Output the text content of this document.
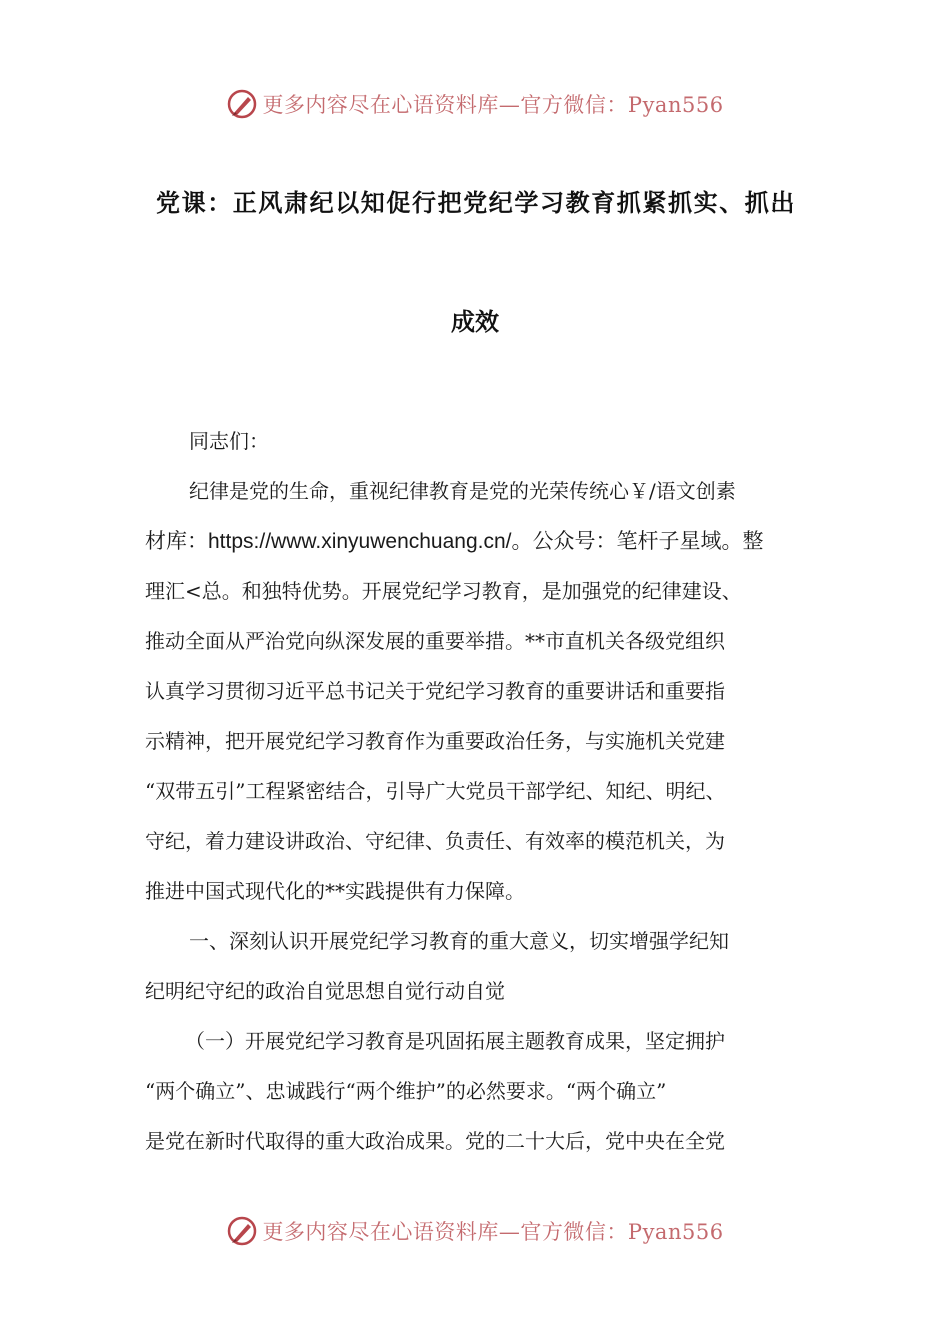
更多内容尽在心语资料库—官方微信：Pyan556
党课：正风肃纪以知促行把党纪学习教育抓紧抓实、抓出
成效
同志们：
纪律是党的生命，重视纪律教育是党的光荣传统心￥/语文创素
材库：https://www.xinyuwenchuang.cn/。公众号：笔杆子星域。整
理汇<总。和独特优势。开展党纪学习教育，是加强党的纪律建设、
推动全面从严治党向纵深发展的重要举措。**市直机关各级党组织
认真学习贯彻习近平总书记关于党纪学习教育的重要讲话和重要指
示精神，把开展党纪学习教育作为重要政治任务，与实施机关党建
“双带五引”工程紧密结合，引导广大党员干部学纪、知纪、明纪、
守纪，着力建设讲政治、守纪律、负责任、有效率的模范机关，为
推进中国式现代化的**实践提供有力保障。
一、深刻认识开展党纪学习教育的重大意义，切实增强学纪知
纪明纪守纪的政治自觉思想自觉行动自觉
（一）开展党纪学习教育是巩固拓展主题教育成果，坚定拥护
“两个确立”、忠诚践行“两个维护”的必然要求。“两个确立”
是党在新时代取得的重大政治成果。党的二十大后，党中央在全党
更多内容尽在心语资料库—官方微信：Pyan556
